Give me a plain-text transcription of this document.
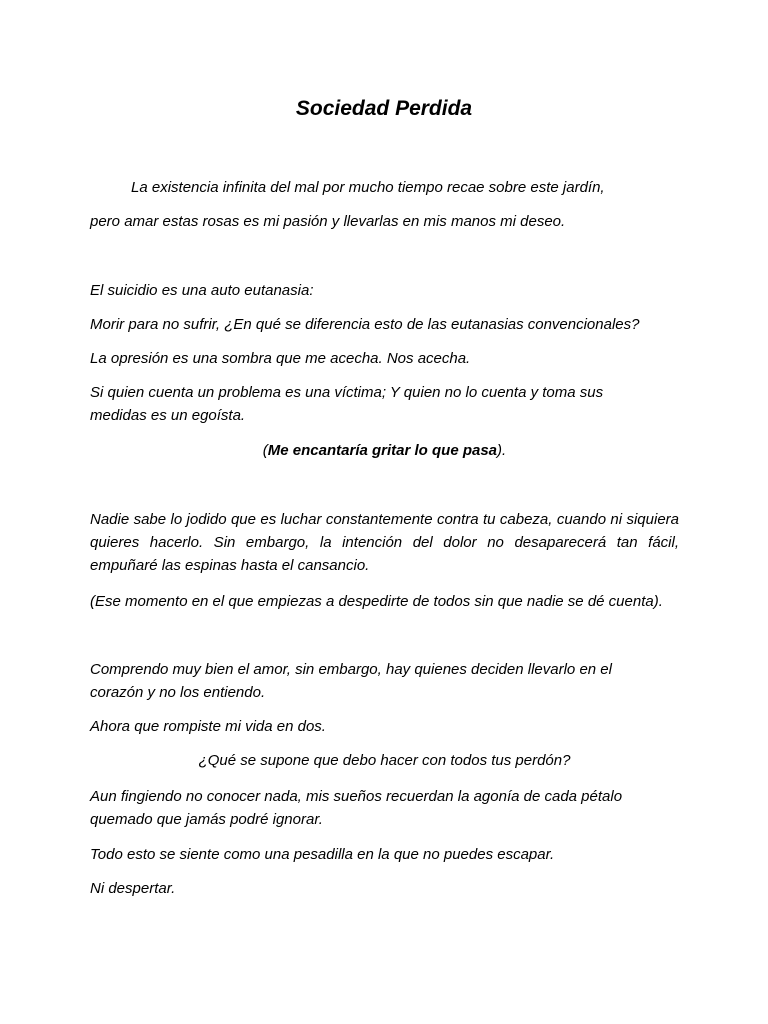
Sociedad Perdida

La existencia infinita del mal por mucho tiempo recae sobre este jardín,

pero amar estas rosas es mi pasión y llevarlas en mis manos mi deseo.

El suicidio es una auto eutanasia:

Morir para no sufrir, ¿En qué se diferencia esto de las eutanasias convencionales?

La opresión es una sombra que me acecha. Nos acecha.

Si quien cuenta un problema es una víctima; Y quien no lo cuenta y toma sus medidas es un egoísta.

(Me encantaría gritar lo que pasa).

Nadie sabe lo jodido que es luchar constantemente contra tu cabeza, cuando ni siquiera quieres hacerlo. Sin embargo, la intención del dolor no desaparecerá tan fácil, empuñaré las espinas hasta el cansancio.

(Ese momento en el que empiezas a despedirte de todos sin que nadie se dé cuenta).

Comprendo muy bien el amor, sin embargo, hay quienes deciden llevarlo en el corazón y no los entiendo.

Ahora que rompiste mi vida en dos.

¿Qué se supone que debo hacer con todos tus perdón?

Aun fingiendo no conocer nada, mis sueños recuerdan la agonía de cada pétalo quemado que jamás podré ignorar.

Todo esto se siente como una pesadilla en la que no puedes escapar.

Ni despertar.
